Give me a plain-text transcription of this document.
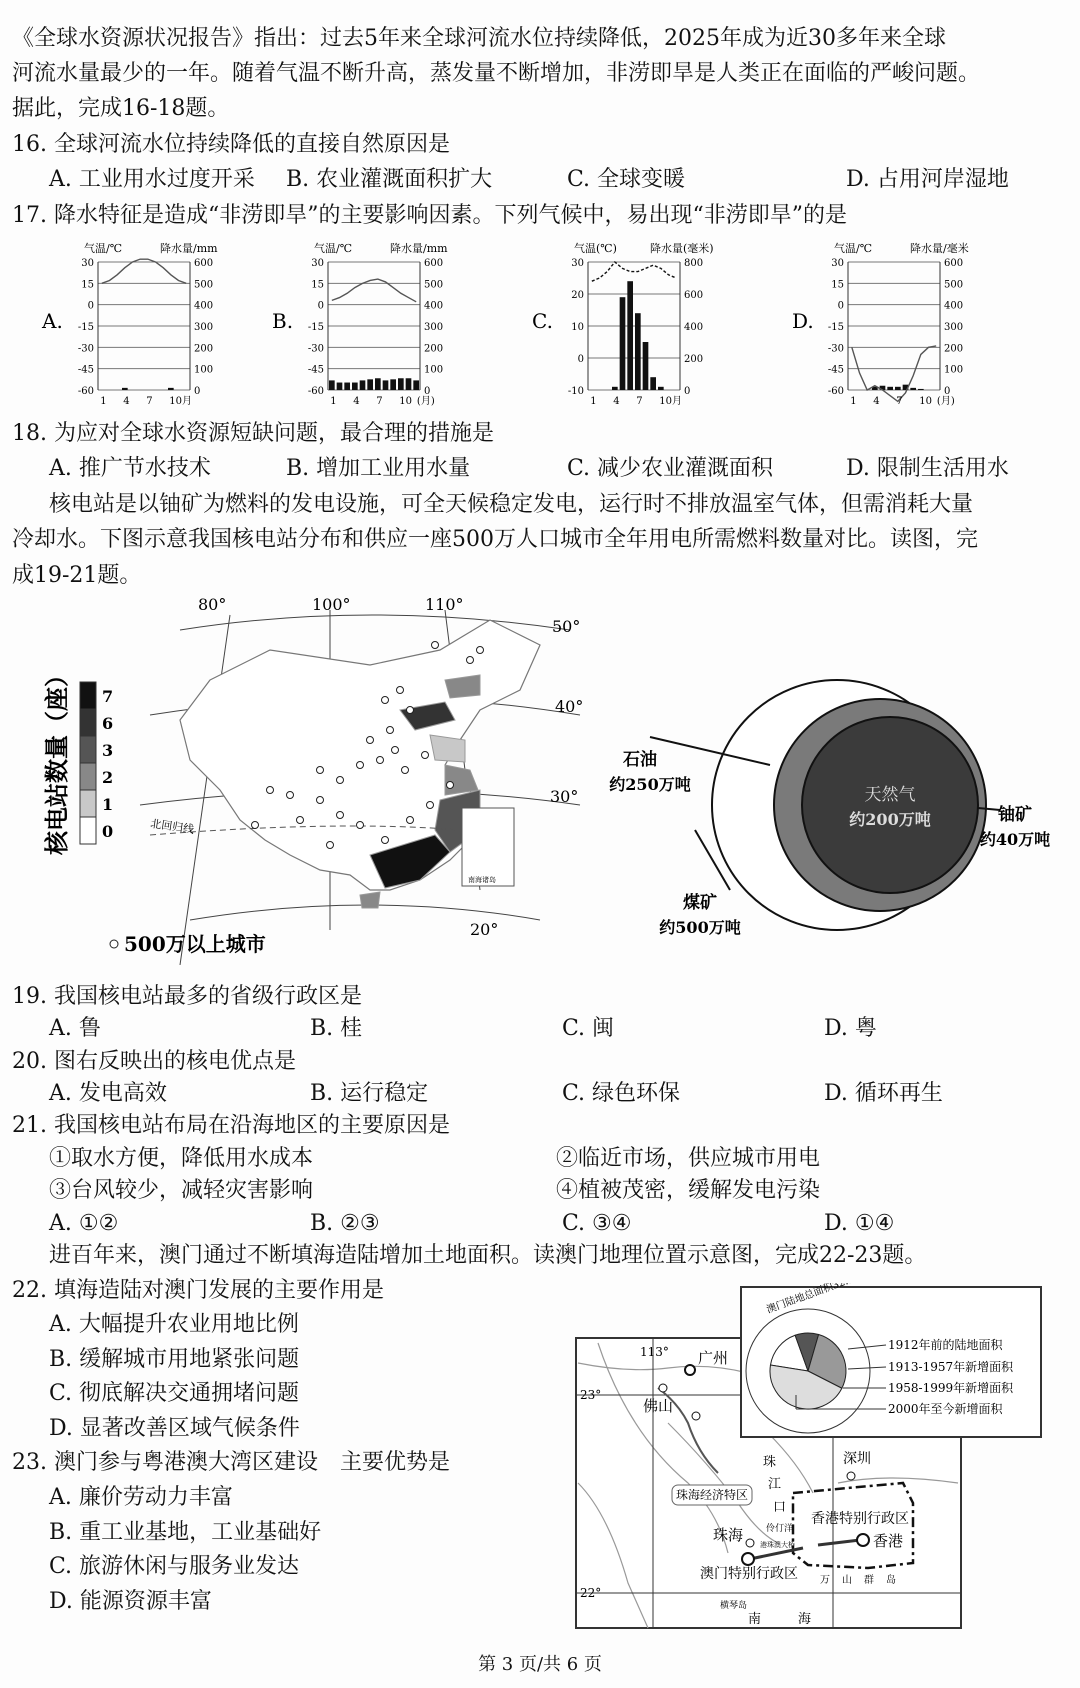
《全球水资源状况报告》指出：过去5年来全球河流水位持续降低，2025年成为近30多年来全球
河流水量最少的一年。随着气温不断升高，蒸发量不断增加，非涝即旱是人类正在面临的严峻问题。
据此，完成16-18题。
16. 全球河流水位持续降低的直接自然原因是
A. 工业用水过度开采 B. 农业灌溉面积扩大	C. 全球变暖	D. 占用河岸湿地
17. 降水特征是造成“非涝即旱”的主要影响因素。下列气候中，易出现“非涝即旱”的是
A.
气温/℃	降水量/mm
30	600
15	500
0	400
-15	300
-30	200
-45	100
-60	0
1 4 7 10月
B.
气温/℃	降水量/mm
30	600
15	500
0	400
-15	300
-30	200
-45	100
-60	0
1 4 7 10 (月)
C.
气温(℃)	降水量(毫米)
30	800
20	600
10	400
0	200
-10	0
1 4 7 10月
D.
气温/℃	降水量/毫米
30	600
15	500
0	400
-15	300
-30	200
-45	100
-60	0
1 4 7 10 (月)
18. 为应对全球水资源短缺问题，最合理的措施是
A. 推广节水技术	B. 增加工业用水量	C. 减少农业灌溉面积	D. 限制生活用水
核电站是以铀矿为燃料的发电设施，可全天候稳定发电，运行时不排放温室气体，但需消耗大量
冷却水。下图示意我国核电站分布和供应一座500万人口城市全年用电所需燃料数量对比。读图，完
成19-21题。
南海诸岛
80°	100°	110°
50°
40°
30°
20°
北回归线
核电站数量（座） 7
6
3
2
1
0
500万以上城市
天然气
约200万吨
石油
约250万吨
铀矿
约40万吨
煤矿
约500万吨
19. 我国核电站最多的省级行政区是
A. 鲁	B. 桂	C. 闽	D. 粤
20. 图右反映出的核电优点是
A. 发电高效	B. 运行稳定	C. 绿色环保	D. 循环再生
21. 我国核电站布局在沿海地区的主要原因是
①取水方便，降低用水成本	②临近市场，供应城市用电
③台风较少，减轻灾害影响	④植被茂密，缓解发电污染
A. ①②	B. ②③	C. ③④	D. ①④
进百年来，澳门通过不断填海造陆增加土地面积。读澳门地理位置示意图，完成22-23题。
22. 填海造陆对澳门发展的主要作用是
A. 大幅提升农业用地比例
B. 缓解城市用地紧张问题
C. 彻底解决交通拥堵问题
D. 显著改善区域气候条件
23. 澳门参与粤港澳大湾区建设　主要优势是
A. 廉价劳动力丰富
B. 重工业基地，工业基础好
C. 旅游休闲与服务业发达
D. 能源资源丰富
113°
23°
22°
广州
佛山
深圳
珠海经济特区
珠海
珠
江
口
伶仃洋
港珠澳大桥
香港特别行政区
香港
澳门特别行政区
横琴岛
万 山 群 岛
南	海
1912年前的陆地面积
1913-1957年新增面积
1958-1999年新增面积
2000年至今新增面积
第 3 页/共 6 页
